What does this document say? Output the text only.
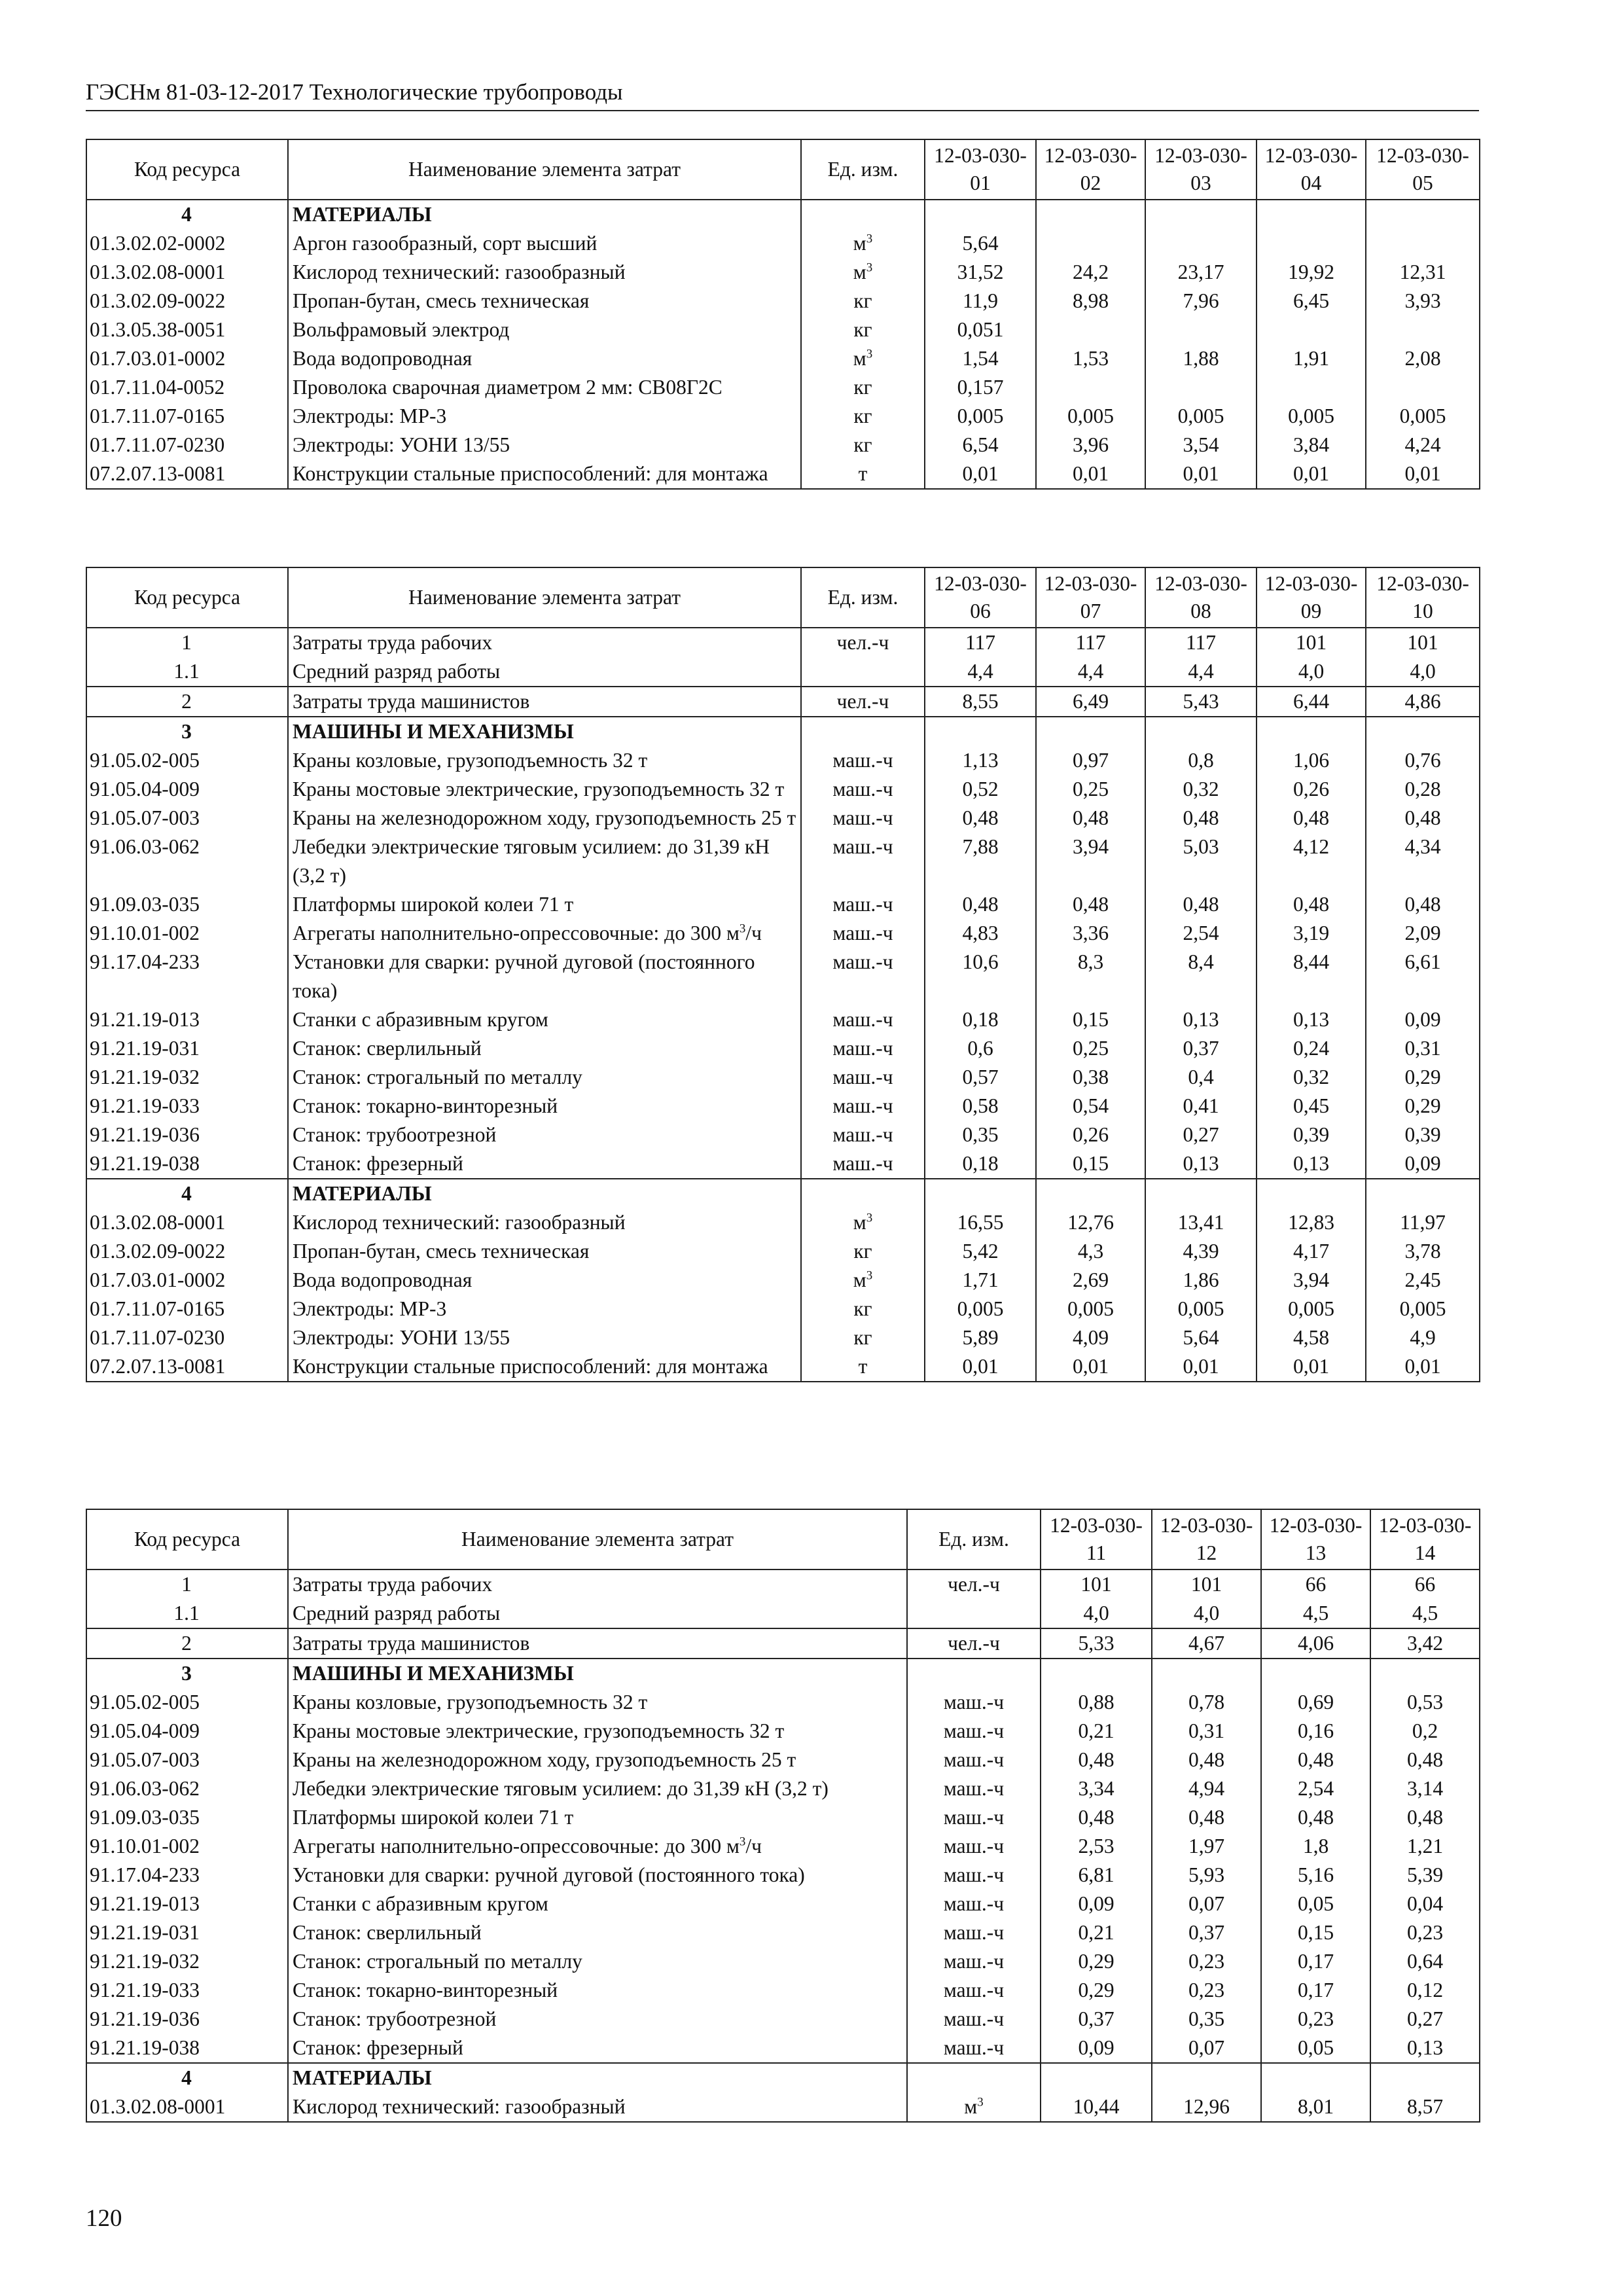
ГЭСНм 81-03-12-2017 Технологические трубопроводы
Код ресурса	Наименование элемента затрат	Ед. изм.	12-03-030-01	12-03-030-02	12-03-030-03	12-03-030-04	12-03-030-05
4	МАТЕРИАЛЫ						
01.3.02.02-0002	Аргон газообразный, сорт высший	$м^3$	5,64				
01.3.02.08-0001	Кислород технический: газообразный	$м^3$	31,52	24,2	23,17	19,92	12,31
01.3.02.09-0022	Пропан-бутан, смесь техническая	кг	11,9	8,98	7,96	6,45	3,93
01.3.05.38-0051	Вольфрамовый электрод	кг	0,051				
01.7.03.01-0002	Вода водопроводная	$м^3$	1,54	1,53	1,88	1,91	2,08
01.7.11.04-0052	Проволока сварочная диаметром 2 мм: СВ08Г2С	кг	0,157				
01.7.11.07-0165	Электроды: МР-3	кг	0,005	0,005	0,005	0,005	0,005
01.7.11.07-0230	Электроды: УОНИ 13/55	кг	6,54	3,96	3,54	3,84	4,24
07.2.07.13-0081	Конструкции стальные приспособлений: для монтажа	т	0,01	0,01	0,01	0,01	0,01
Код ресурса	Наименование элемента затрат	Ед. изм.	12-03-030-06	12-03-030-07	12-03-030-08	12-03-030-09	12-03-030-10
1	Затраты труда рабочих	чел.-ч	117	117	117	101	101
1.1	Средний разряд работы		4,4	4,4	4,4	4,0	4,0
2	Затраты труда машинистов	чел.-ч	8,55	6,49	5,43	6,44	4,86
3	МАШИНЫ И МЕХАНИЗМЫ						
91.05.02-005	Краны козловые, грузоподъемность 32 т	маш.-ч	1,13	0,97	0,8	1,06	0,76
91.05.04-009	Краны мостовые электрические, грузоподъемность 32 т	маш.-ч	0,52	0,25	0,32	0,26	0,28
91.05.07-003	Краны на железнодорожном ходу, грузоподъемность 25 т	маш.-ч	0,48	0,48	0,48	0,48	0,48
91.06.03-062	Лебедки электрические тяговым усилием: до 31,39 кН (3,2 т)	маш.-ч	7,88	3,94	5,03	4,12	4,34
91.09.03-035	Платформы широкой колеи 71 т	маш.-ч	0,48	0,48	0,48	0,48	0,48
91.10.01-002	Агрегаты наполнительно-опрессовочные: до 300 $м^3/ч$	маш.-ч	4,83	3,36	2,54	3,19	2,09
91.17.04-233	Установки для сварки: ручной дуговой (постоянного тока)	маш.-ч	10,6	8,3	8,4	8,44	6,61
91.21.19-013	Станки с абразивным кругом	маш.-ч	0,18	0,15	0,13	0,13	0,09
91.21.19-031	Станок: сверлильный	маш.-ч	0,6	0,25	0,37	0,24	0,31
91.21.19-032	Станок: строгальный по металлу	маш.-ч	0,57	0,38	0,4	0,32	0,29
91.21.19-033	Станок: токарно-винторезный	маш.-ч	0,58	0,54	0,41	0,45	0,29
91.21.19-036	Станок: трубоотрезной	маш.-ч	0,35	0,26	0,27	0,39	0,39
91.21.19-038	Станок: фрезерный	маш.-ч	0,18	0,15	0,13	0,13	0,09
4	МАТЕРИАЛЫ						
01.3.02.08-0001	Кислород технический: газообразный	$м^3$	16,55	12,76	13,41	12,83	11,97
01.3.02.09-0022	Пропан-бутан, смесь техническая	кг	5,42	4,3	4,39	4,17	3,78
01.7.03.01-0002	Вода водопроводная	$м^3$	1,71	2,69	1,86	3,94	2,45
01.7.11.07-0165	Электроды: МР-3	кг	0,005	0,005	0,005	0,005	0,005
01.7.11.07-0230	Электроды: УОНИ 13/55	кг	5,89	4,09	5,64	4,58	4,9
07.2.07.13-0081	Конструкции стальные приспособлений: для монтажа	т	0,01	0,01	0,01	0,01	0,01
Код ресурса	Наименование элемента затрат	Ед. изм.	12-03-030-11	12-03-030-12	12-03-030-13	12-03-030-14
1	Затраты труда рабочих	чел.-ч	101	101	66	66
1.1	Средний разряд работы		4,0	4,0	4,5	4,5
2	Затраты труда машинистов	чел.-ч	5,33	4,67	4,06	3,42
3	МАШИНЫ И МЕХАНИЗМЫ					
91.05.02-005	Краны козловые, грузоподъемность 32 т	маш.-ч	0,88	0,78	0,69	0,53
91.05.04-009	Краны мостовые электрические, грузоподъемность 32 т	маш.-ч	0,21	0,31	0,16	0,2
91.05.07-003	Краны на железнодорожном ходу, грузоподъемность 25 т	маш.-ч	0,48	0,48	0,48	0,48
91.06.03-062	Лебедки электрические тяговым усилием: до 31,39 кН (3,2 т)	маш.-ч	3,34	4,94	2,54	3,14
91.09.03-035	Платформы широкой колеи 71 т	маш.-ч	0,48	0,48	0,48	0,48
91.10.01-002	Агрегаты наполнительно-опрессовочные: до 300 $м^3/ч$	маш.-ч	2,53	1,97	1,8	1,21
91.17.04-233	Установки для сварки: ручной дуговой (постоянного тока)	маш.-ч	6,81	5,93	5,16	5,39
91.21.19-013	Станки с абразивным кругом	маш.-ч	0,09	0,07	0,05	0,04
91.21.19-031	Станок: сверлильный	маш.-ч	0,21	0,37	0,15	0,23
91.21.19-032	Станок: строгальный по металлу	маш.-ч	0,29	0,23	0,17	0,64
91.21.19-033	Станок: токарно-винторезный	маш.-ч	0,29	0,23	0,17	0,12
91.21.19-036	Станок: трубоотрезной	маш.-ч	0,37	0,35	0,23	0,27
91.21.19-038	Станок: фрезерный	маш.-ч	0,09	0,07	0,05	0,13
4	МАТЕРИАЛЫ					
01.3.02.08-0001	Кислород технический: газообразный	$м^3$	10,44	12,96	8,01	8,57
120
